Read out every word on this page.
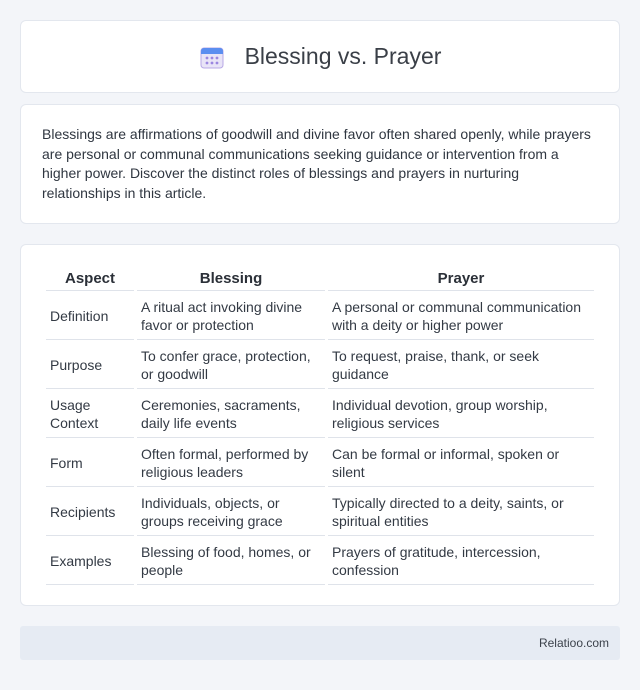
Blessing vs. Prayer

Blessings are affirmations of goodwill and divine favor often shared openly, while prayers are personal or communal communications seeking guidance or intervention from a higher power. Discover the distinct roles of blessings and prayers in nurturing relationships in this article.

Aspect	Blessing	Prayer
Definition	A ritual act invoking divine favor or protection	A personal or communal communication with a deity or higher power
Purpose	To confer grace, protection, or goodwill	To request, praise, thank, or seek guidance
Usage Context	Ceremonies, sacraments, daily life events	Individual devotion, group worship, religious services
Form	Often formal, performed by religious leaders	Can be formal or informal, spoken or silent
Recipients	Individuals, objects, or groups receiving grace	Typically directed to a deity, saints, or spiritual entities
Examples	Blessing of food, homes, or people	Prayers of gratitude, intercession, confession
Relatioo.com
